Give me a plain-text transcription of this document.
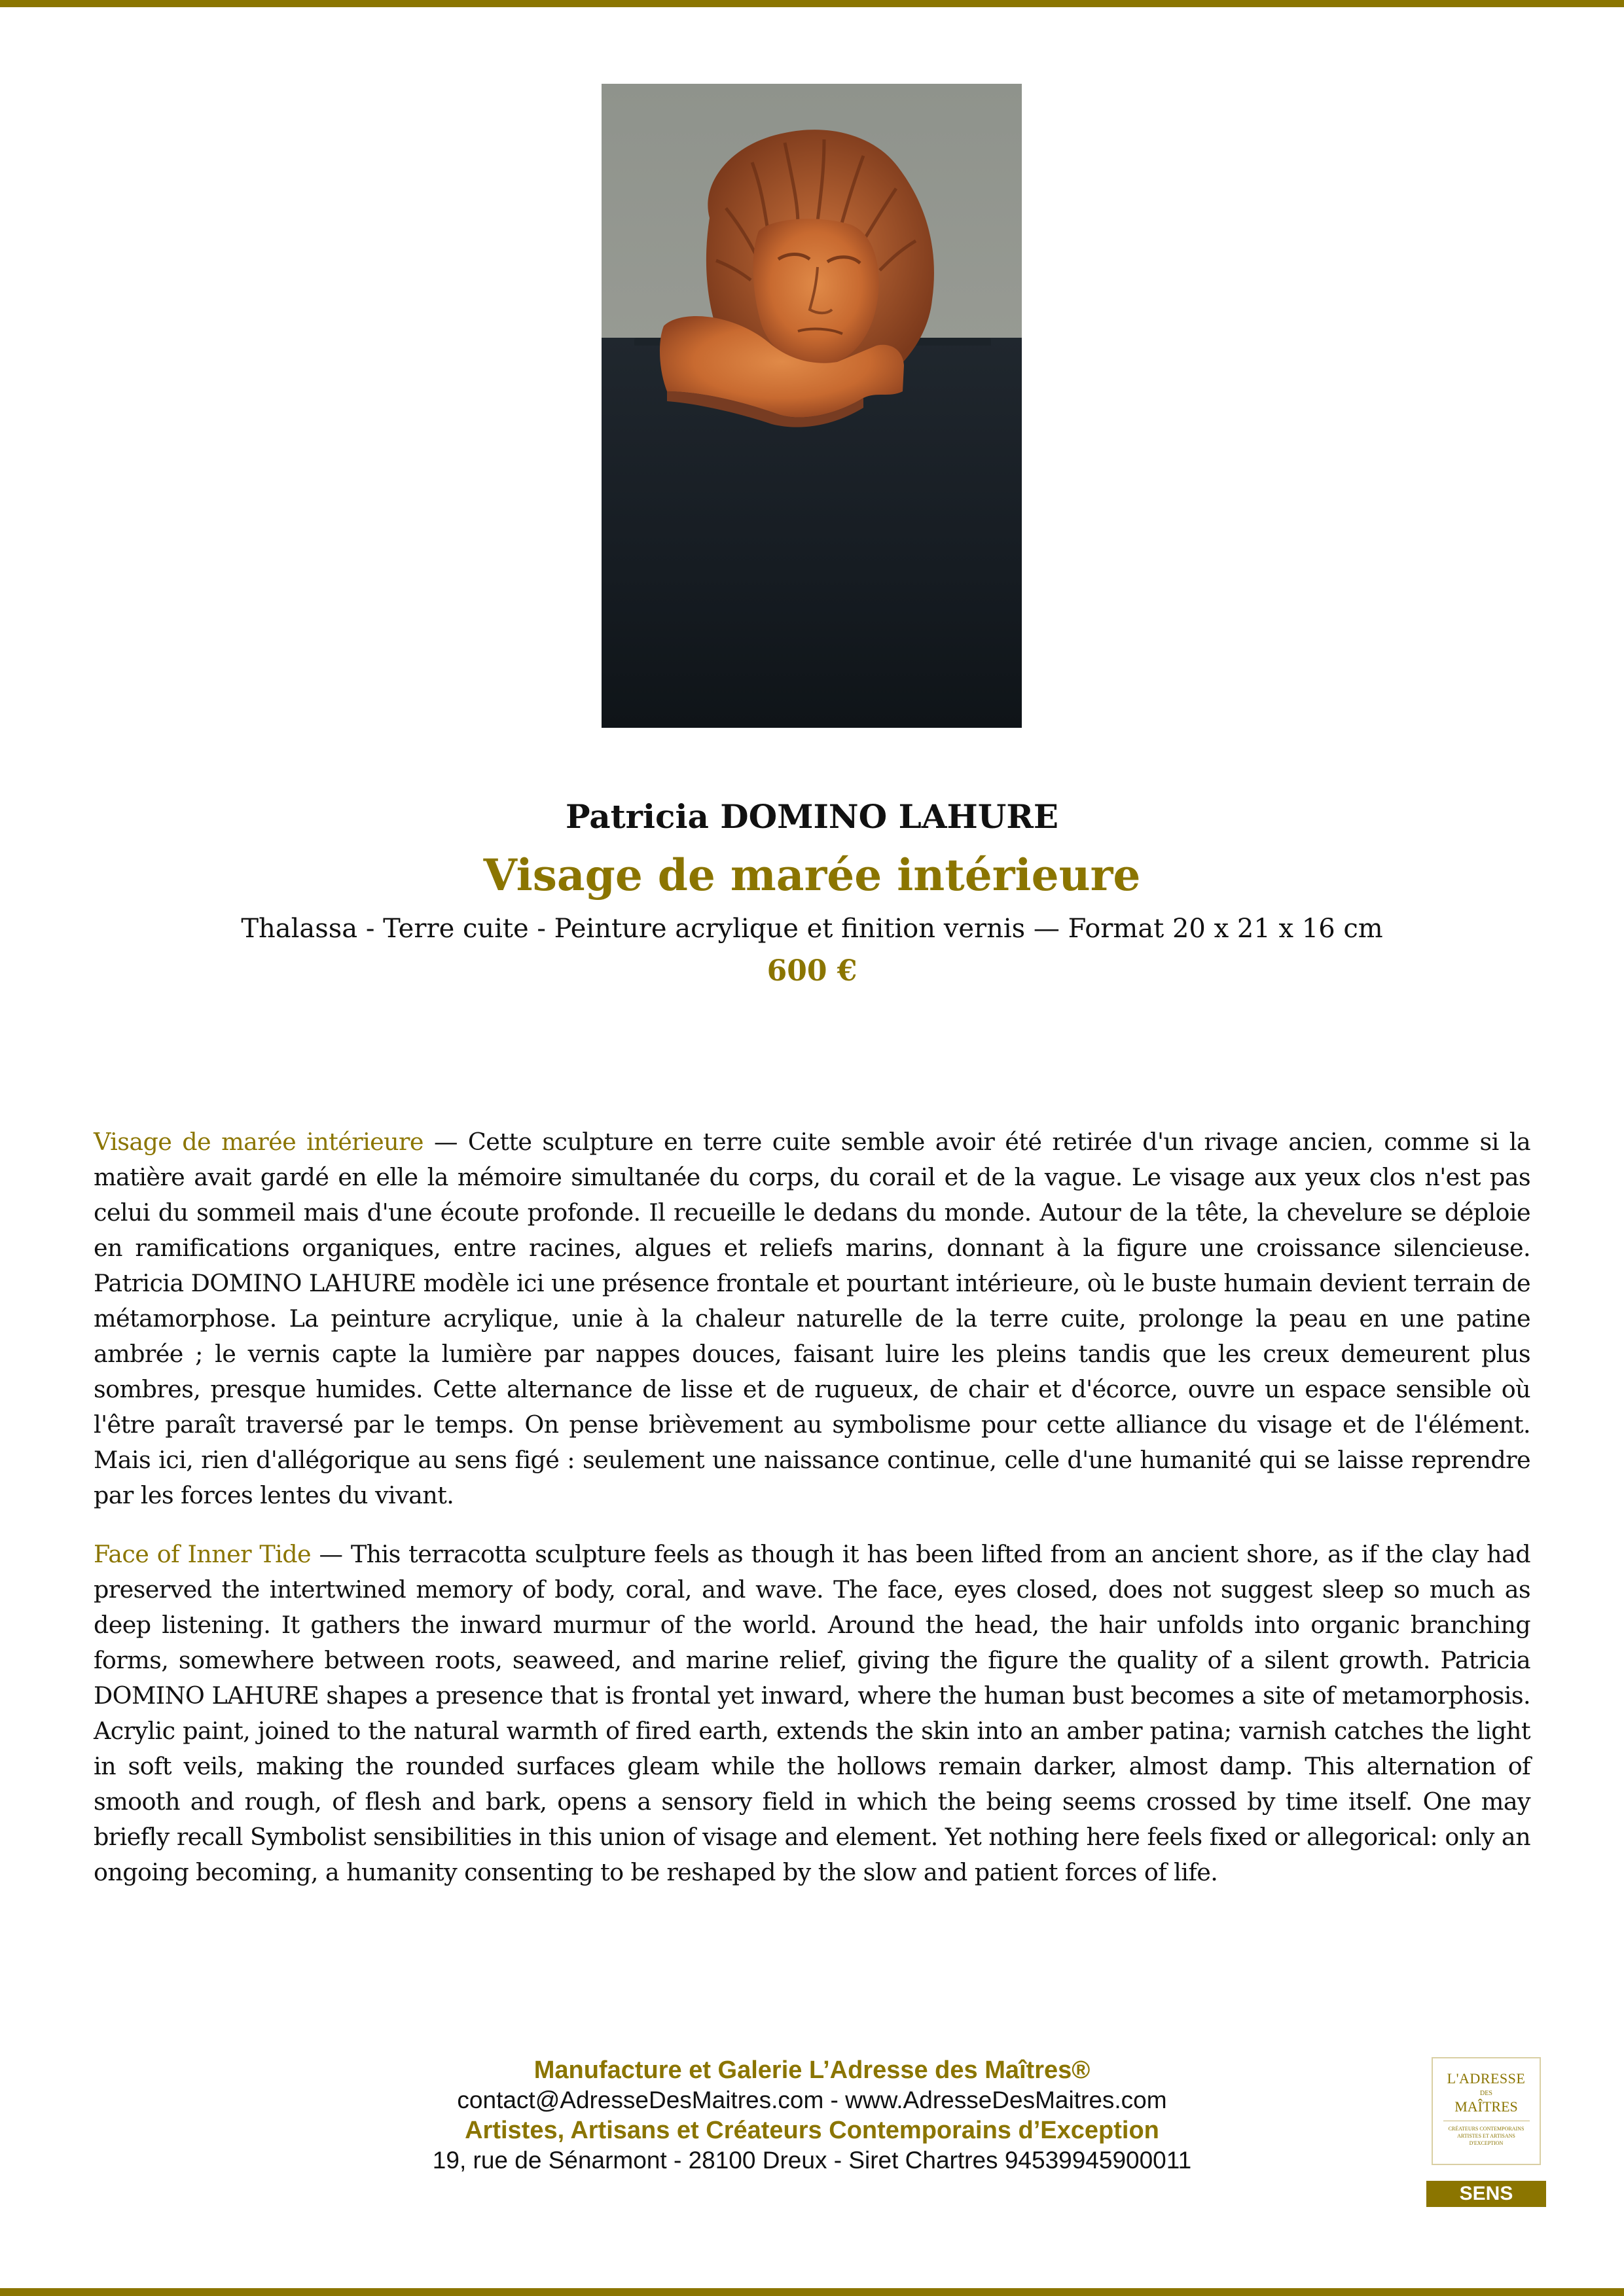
Patricia DOMINO LAHURE
Visage de marée intérieure
Thalassa - Terre cuite - Peinture acrylique et finition vernis — Format 20 x 21 x 16 cm
600 €

Visage de marée intérieure — Cette sculpture en terre cuite semble avoir été retirée d'un rivage ancien, comme si la matière avait gardé en elle la mémoire simultanée du corps, du corail et de la vague. Le visage aux yeux clos n'est pas celui du sommeil mais d'une écoute profonde. Il recueille le dedans du monde. Autour de la tête, la chevelure se déploie en ramifications organiques, entre racines, algues et reliefs marins, donnant à la figure une croissance silencieuse. Patricia DOMINO LAHURE modèle ici une présence frontale et pourtant intérieure, où le buste humain devient terrain de métamorphose. La peinture acrylique, unie à la chaleur naturelle de la terre cuite, prolonge la peau en une patine ambrée ; le vernis capte la lumière par nappes douces, faisant luire les pleins tandis que les creux demeurent plus sombres, presque humides. Cette alternance de lisse et de rugueux, de chair et d'écorce, ouvre un espace sensible où l'être paraît traversé par le temps. On pense brièvement au symbolisme pour cette alliance du visage et de l'élément. Mais ici, rien d'allégorique au sens figé : seulement une naissance continue, celle d'une humanité qui se laisse reprendre par les forces lentes du vivant.

Face of Inner Tide — This terracotta sculpture feels as though it has been lifted from an ancient shore, as if the clay had preserved the intertwined memory of body, coral, and wave. The face, eyes closed, does not suggest sleep so much as deep listening. It gathers the inward murmur of the world. Around the head, the hair unfolds into organic branching forms, somewhere between roots, seaweed, and marine relief, giving the figure the quality of a silent growth. Patricia DOMINO LAHURE shapes a presence that is frontal yet inward, where the human bust becomes a site of metamorphosis. Acrylic paint, joined to the natural warmth of fired earth, extends the skin into an amber patina; varnish catches the light in soft veils, making the rounded surfaces gleam while the hollows remain darker, almost damp. This alternation of smooth and rough, of flesh and bark, opens a sensory field in which the being seems crossed by time itself. One may briefly recall Symbolist sensibilities in this union of visage and element. Yet nothing here feels fixed or allegorical: only an ongoing becoming, a humanity consenting to be reshaped by the slow and patient forces of life.

Manufacture et Galerie L’Adresse des Maîtres®
contact@AdresseDesMaitres.com - www.AdresseDesMaitres.com
Artistes, Artisans et Créateurs Contemporains d’Exception
19, rue de Sénarmont - 28100 Dreux - Siret Chartres 94539945900011
L'ADRESSE
DES
MAÎTRES
CRÉATEURS CONTEMPORAINS
ARTISTES ET ARTISANS
D'EXCEPTION
SENS
